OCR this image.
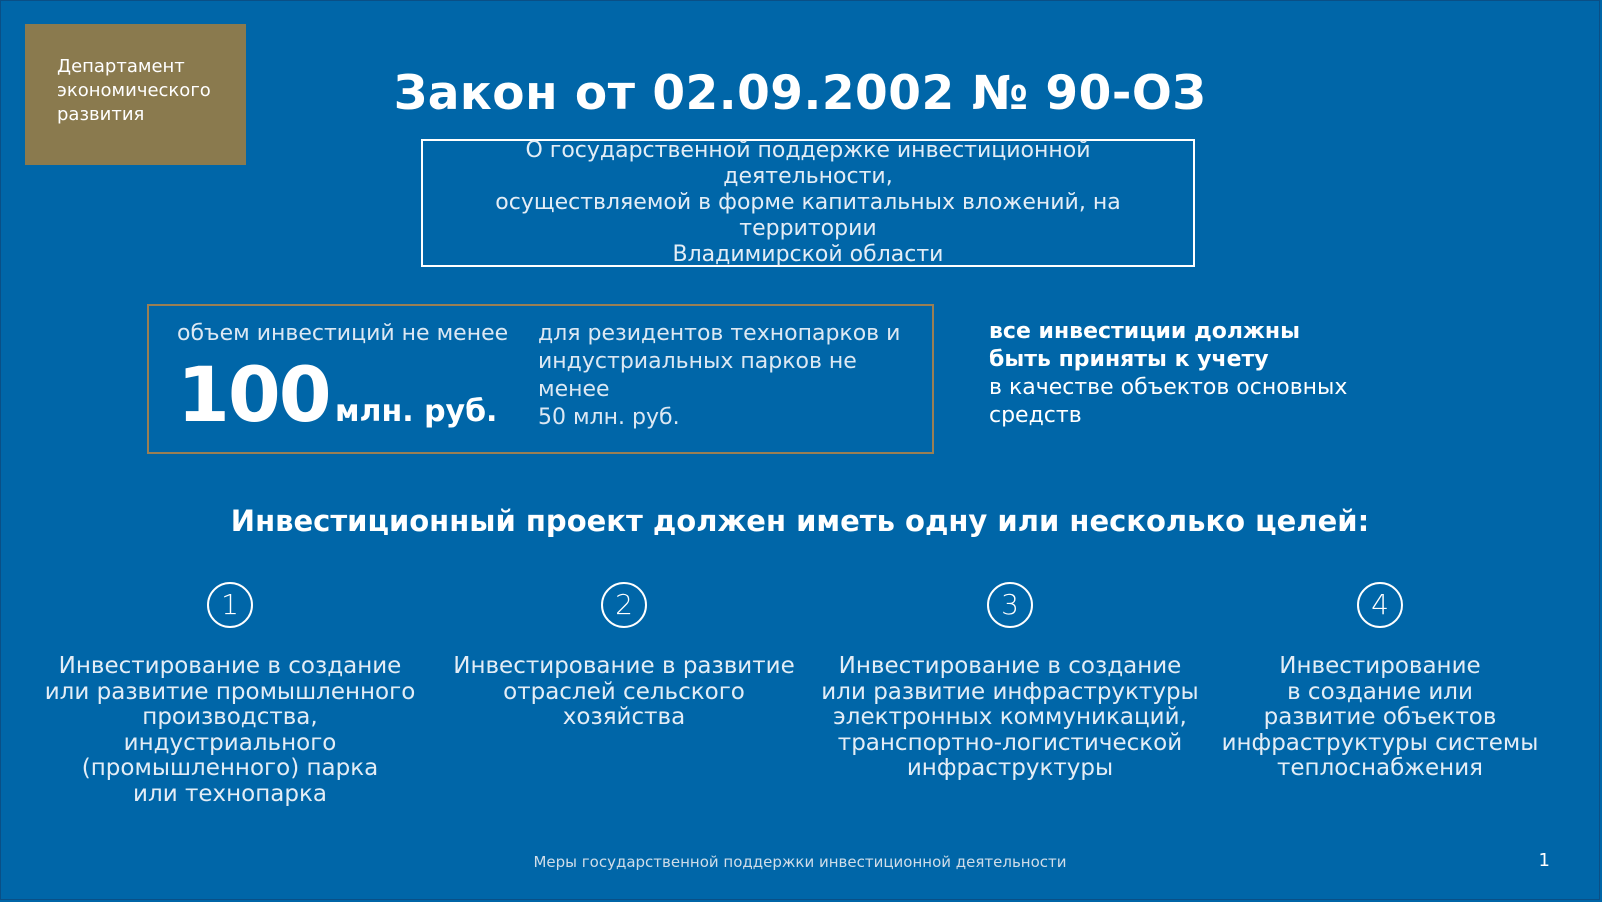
Департамент
экономического
развития	Закон от 02.09.2002 № 90-ОЗ
О государственной поддержке инвестиционной деятельности,
осуществляемой в форме капитальных вложений, на территории
Владимирской области
объем инвестиций не менее
100 млн. руб.
для резидентов технопарков и
индустриальных парков не менее
50 млн. руб.
все инвестиции должны
быть приняты к учету
в качестве объектов основных
средств
Инвестиционный проект должен иметь одну или несколько целей:
1
Инвестирование в создание
или развитие промышленного
производства, индустриального
(промышленного) парка
или технопарка
2
Инвестирование в развитие
отраслей сельского
хозяйства
3
Инвестирование в создание
или развитие инфраструктуры
электронных коммуникаций,
транспортно-логистической
инфраструктуры
4
Инвестирование
в создание или
развитие объектов
инфраструктуры системы
теплоснабжения
Меры государственной поддержки инвестиционной деятельности	1
